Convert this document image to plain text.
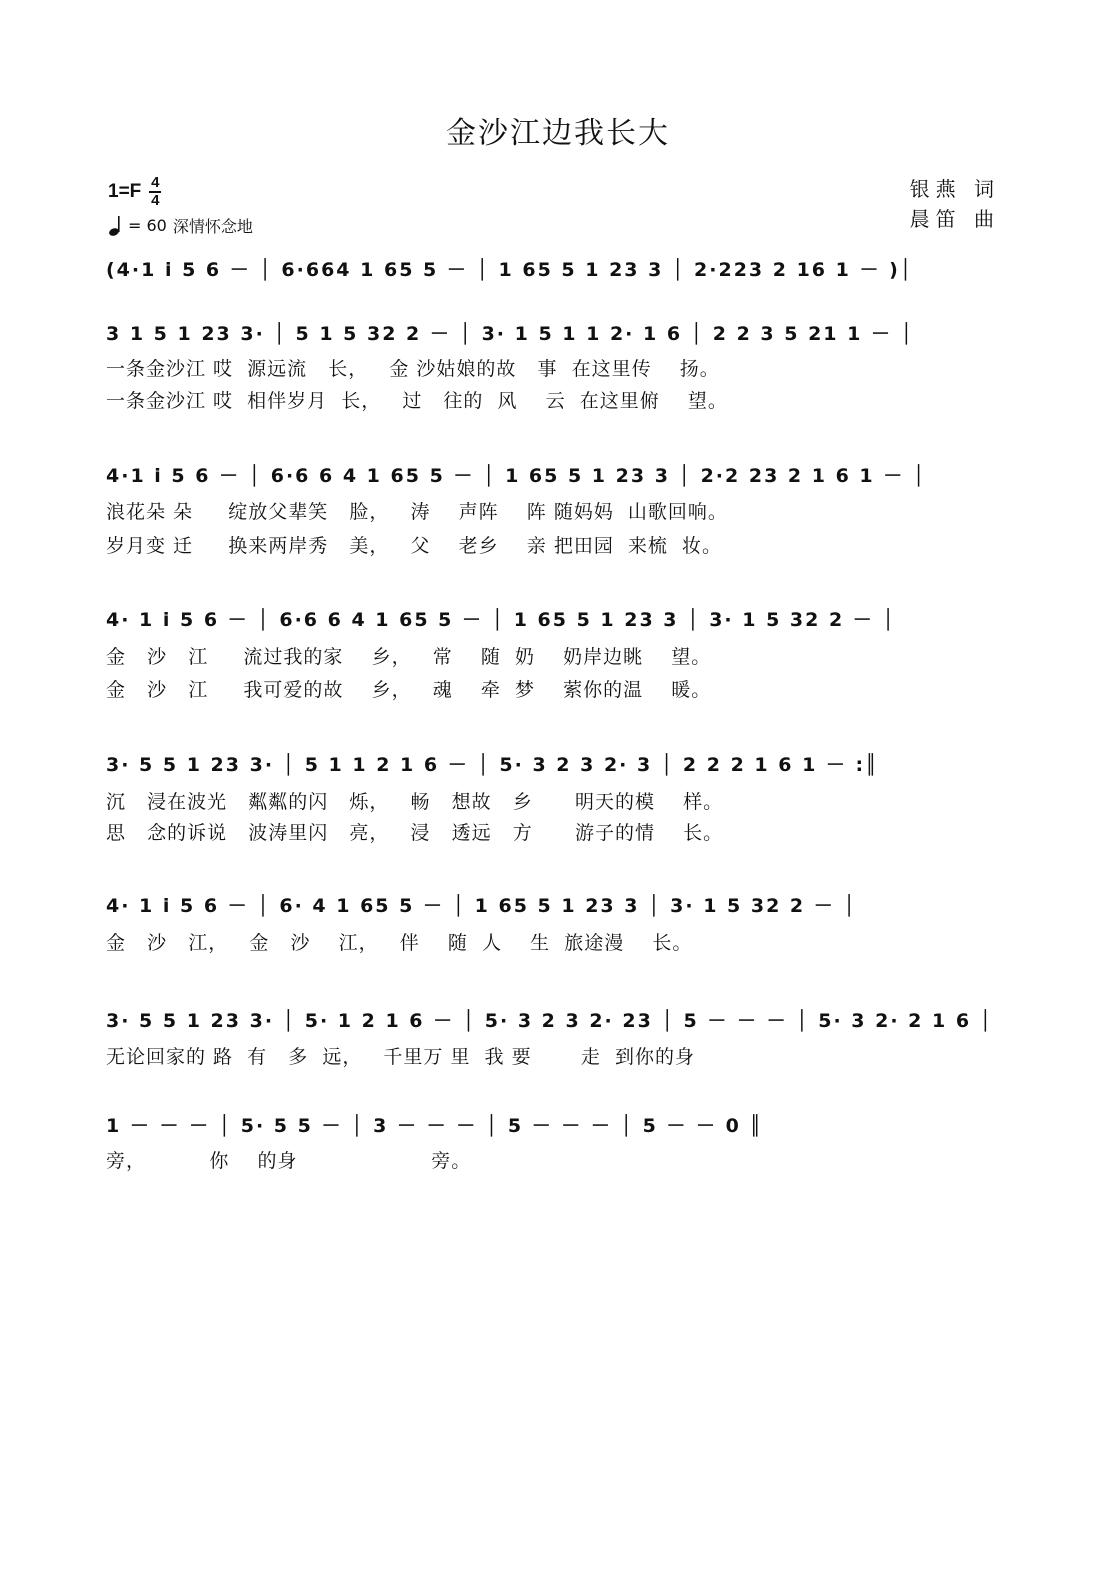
金沙江边我长大
$1=F \frac{4}{4}$
= 60 深情怀念地
银燕 词
晨笛 曲
(4·1 i 5 6 － │ 6·664 1 65 5 － │ 1 65 5 1 23 3 │ 2·223 2 16 1 － )│
3 1 5 1 23 3· │ 5 1 5 32 2 － │ 3· 1 5 1 1 2· 1 6 │ 2 2 3 5 21 1 － │
一条金沙江 哎  源远流   长，   金 沙姑娘的故   事  在这里传    扬。
一条金沙江 哎  相伴岁月  长，   过   往的  风    云  在这里俯    望。
4·1 i 5 6 － │ 6·6 6 4 1 65 5 － │ 1 65 5 1 23 3 │ 2·2 23 2 1 6 1 － │
浪花朵 朵     绽放父辈笑   脸，   涛    声阵    阵 随妈妈  山歌回响。
岁月变 迁     换来两岸秀   美，   父    老乡    亲 把田园  来梳  妆。
4· 1 i 5 6 － │ 6·6 6 4 1 65 5 － │ 1 65 5 1 23 3 │ 3· 1 5 32 2 － │
金   沙   江     流过我的家    乡，   常    随  奶    奶岸边眺    望。
金   沙   江     我可爱的故    乡，   魂    牵  梦    萦你的温    暖。
3· 5 5 1 23 3· │ 5 1 1 2 1 6 － │ 5· 3 2 3 2· 3 │ 2 2 2 1 6 1 － :║
沉   浸在波光   粼粼的闪   烁，   畅   想故   乡      明天的模    样。
思   念的诉说   波涛里闪   亮，   浸   透远   方      游子的情    长。
4· 1 i 5 6 － │ 6· 4 1 65 5 － │ 1 65 5 1 23 3 │ 3· 1 5 32 2 － │
金   沙   江，   金   沙    江，   伴    随  人    生  旅途漫    长。
3· 5 5 1 23 3· │ 5· 1 2 1 6 － │ 5· 3 2 3 2· 23 │ 5 － － － │ 5· 3 2· 2 1 6 │
无论回家的 路  有   多  远，   千里万 里  我 要       走  到你的身
1 － － － │ 5· 5 5 － │ 3 － － － │ 5 － － － │ 5 － － 0 ║
旁，         你    的身                   旁。
